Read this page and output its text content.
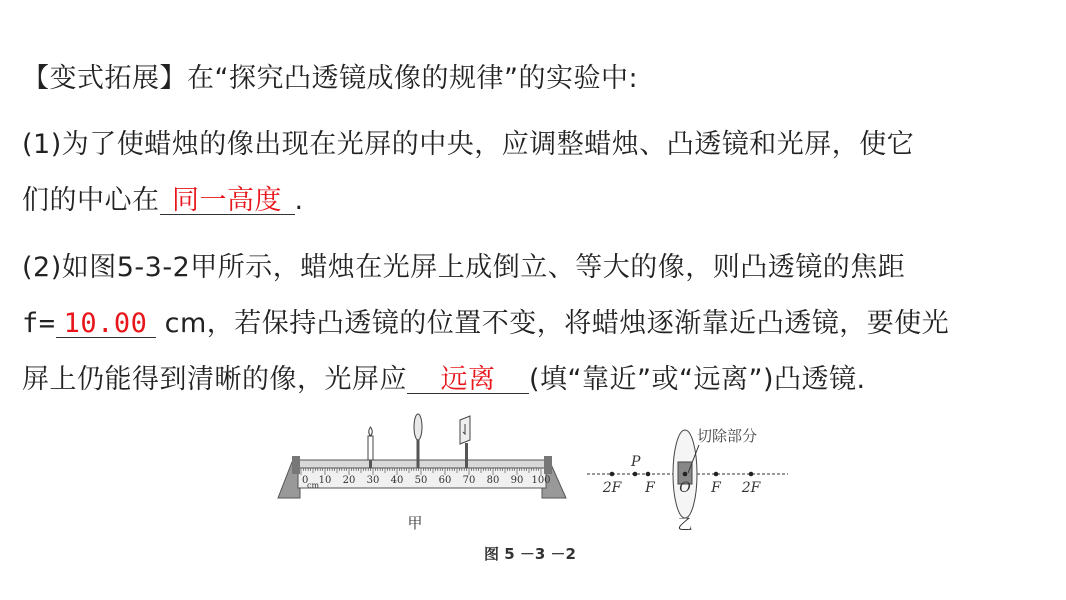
【变式拓展】在“探究凸透镜成像的规律”的实验中:
(1)为了使蜡烛的像出现在光屏的中央，应调整蜡烛、凸透镜和光屏，使它
们的中心在 同一高度 .
(2)如图5-3-2甲所示，蜡烛在光屏上成倒立、等大的像，则凸透镜的焦距
f= 10.00 cm，若保持凸透镜的位置不变，将蜡烛逐渐靠近凸透镜，要使光
屏上仍能得到清晰的像，光屏应 远离 (填“靠近”或“远离”)凸透镜.
0 10 20 30 40 50 60 70 80 90 100
cm
甲
切除部分
P
2F F O F 2F
乙
图 5 －3 －2
